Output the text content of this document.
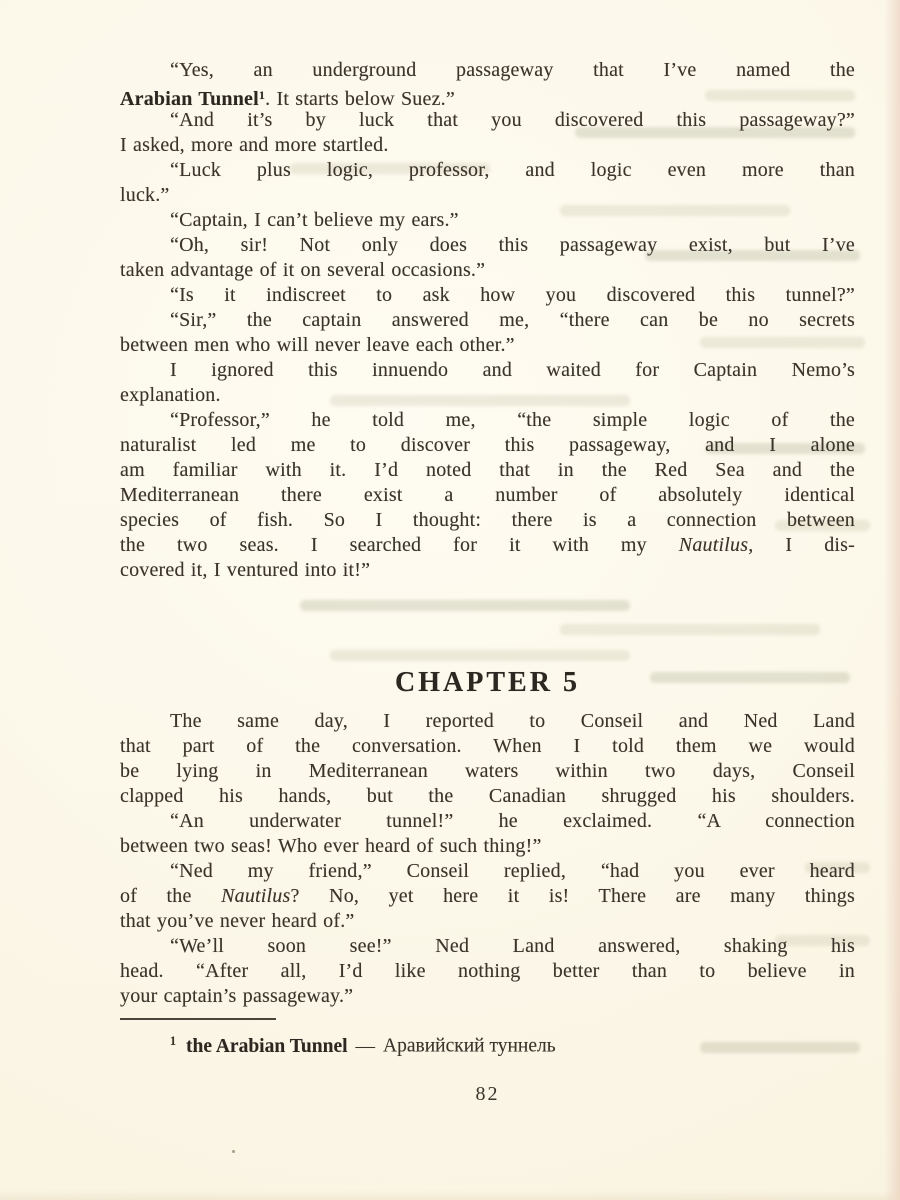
“Yes, an underground passageway that I’ve named the
Arabian Tunnel$^1$. It starts below Suez.”
“And it’s by luck that you discovered this passageway?”
I asked, more and more startled.
“Luck plus logic, professor, and logic even more than
luck.”
“Captain, I can’t believe my ears.”
“Oh, sir! Not only does this passageway exist, but I’ve
taken advantage of it on several occasions.”
“Is it indiscreet to ask how you discovered this tunnel?”
“Sir,” the captain answered me, “there can be no secrets
between men who will never leave each other.”
I ignored this innuendo and waited for Captain Nemo’s
explanation.
“Professor,” he told me, “the simple logic of the
naturalist led me to discover this passageway, and I alone
am familiar with it. I’d noted that in the Red Sea and the
Mediterranean there exist a number of absolutely identical
species of fish. So I thought: there is a connection between
the two seas. I searched for it with my Nautilus, I dis-
covered it, I ventured into it!”
CHAPTER 5
The same day, I reported to Conseil and Ned Land
that part of the conversation. When I told them we would
be lying in Mediterranean waters within two days, Conseil
clapped his hands, but the Canadian shrugged his shoulders.
“An underwater tunnel!” he exclaimed. “A connection
between two seas! Who ever heard of such thing!”
“Ned my friend,” Conseil replied, “had you ever heard
of the Nautilus? No, yet here it is! There are many things
that you’ve never heard of.”
“We’ll soon see!” Ned Land answered, shaking his
head. “After all, I’d like nothing better than to believe in
your captain’s passageway.”
$^1$ the Arabian Tunnel — Аравийский туннель
82
